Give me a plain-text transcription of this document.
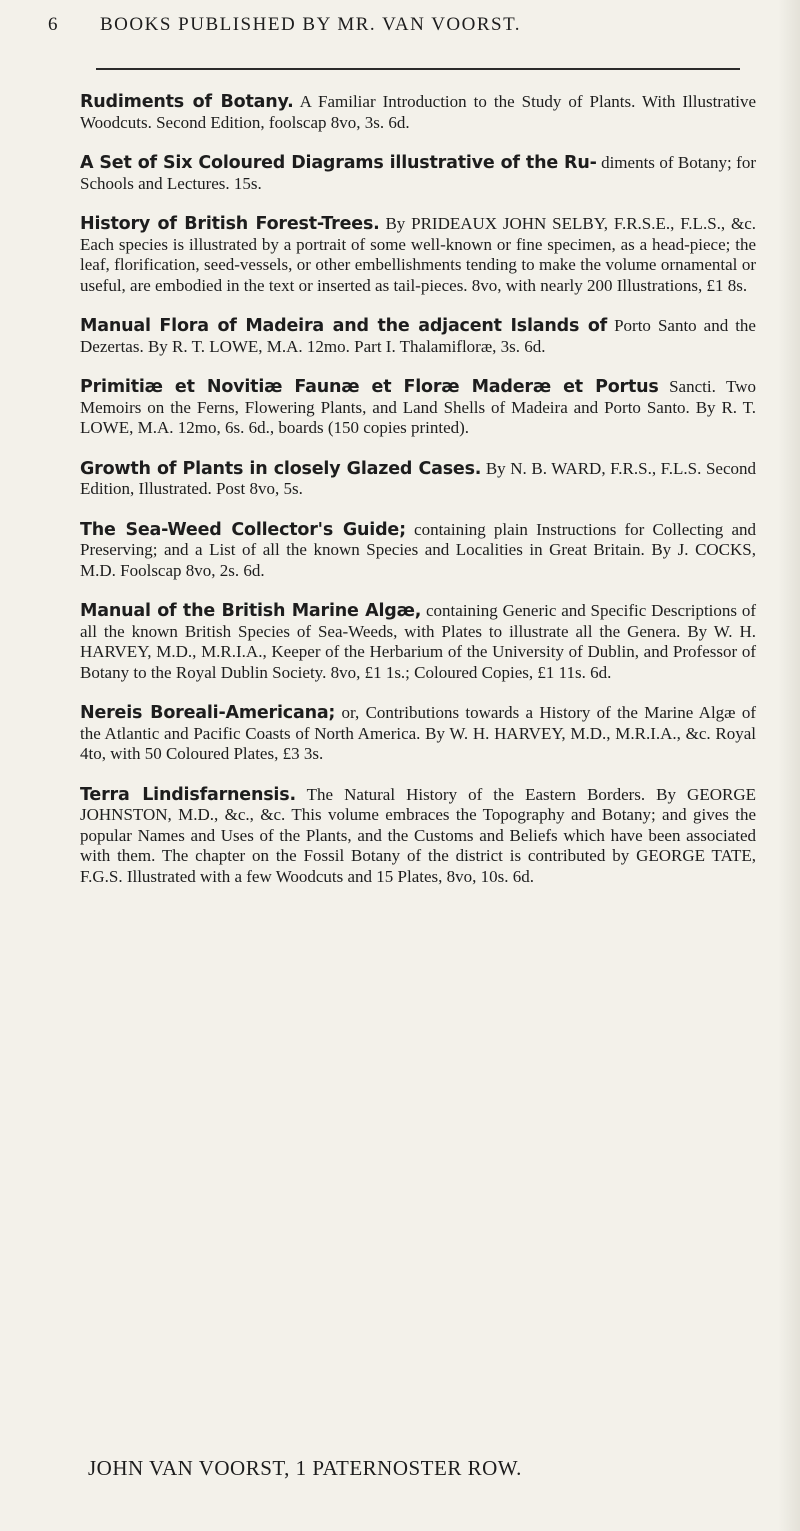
6	BOOKS PUBLISHED BY MR. VAN VOORST.

Rudiments of Botany. A Familiar Introduction to the Study of Plants. With Illustrative Woodcuts. Second Edition, foolscap 8vo, 3s. 6d.

A Set of Six Coloured Diagrams illustrative of the Ru- diments of Botany; for Schools and Lectures. 15s.

History of British Forest-Trees. By PRIDEAUX JOHN SELBY, F.R.S.E., F.L.S., &c. Each species is illustrated by a portrait of some well-known or fine specimen, as a head-piece; the leaf, florification, seed-vessels, or other embellishments tending to make the volume ornamental or useful, are embodied in the text or inserted as tail-pieces. 8vo, with nearly 200 Illustrations, £1 8s.

Manual Flora of Madeira and the adjacent Islands of Porto Santo and the Dezertas. By R. T. LOWE, M.A. 12mo. Part I. Thalamifloræ, 3s. 6d.

Primitiæ et Novitiæ Faunæ et Floræ Maderæ et Portus Sancti. Two Memoirs on the Ferns, Flowering Plants, and Land Shells of Madeira and Porto Santo. By R. T. LOWE, M.A. 12mo, 6s. 6d., boards (150 copies printed).

Growth of Plants in closely Glazed Cases. By N. B. WARD, F.R.S., F.L.S. Second Edition, Illustrated. Post 8vo, 5s.

The Sea-Weed Collector's Guide; containing plain Instructions for Collecting and Preserving; and a List of all the known Species and Localities in Great Britain. By J. COCKS, M.D. Foolscap 8vo, 2s. 6d.

Manual of the British Marine Algæ, containing Generic and Specific Descriptions of all the known British Species of Sea-Weeds, with Plates to illustrate all the Genera. By W. H. HARVEY, M.D., M.R.I.A., Keeper of the Herbarium of the University of Dublin, and Professor of Botany to the Royal Dublin Society. 8vo, £1 1s.; Coloured Copies, £1 11s. 6d.

Nereis Boreali-Americana; or, Contributions towards a History of the Marine Algæ of the Atlantic and Pacific Coasts of North America. By W. H. HARVEY, M.D., M.R.I.A., &c. Royal 4to, with 50 Coloured Plates, £3 3s.

Terra Lindisfarnensis. The Natural History of the Eastern Borders. By GEORGE JOHNSTON, M.D., &c., &c. This volume embraces the Topography and Botany; and gives the popular Names and Uses of the Plants, and the Customs and Beliefs which have been associated with them. The chapter on the Fossil Botany of the district is contributed by GEORGE TATE, F.G.S. Illustrated with a few Woodcuts and 15 Plates, 8vo, 10s. 6d.

JOHN VAN VOORST, 1 PATERNOSTER ROW.
